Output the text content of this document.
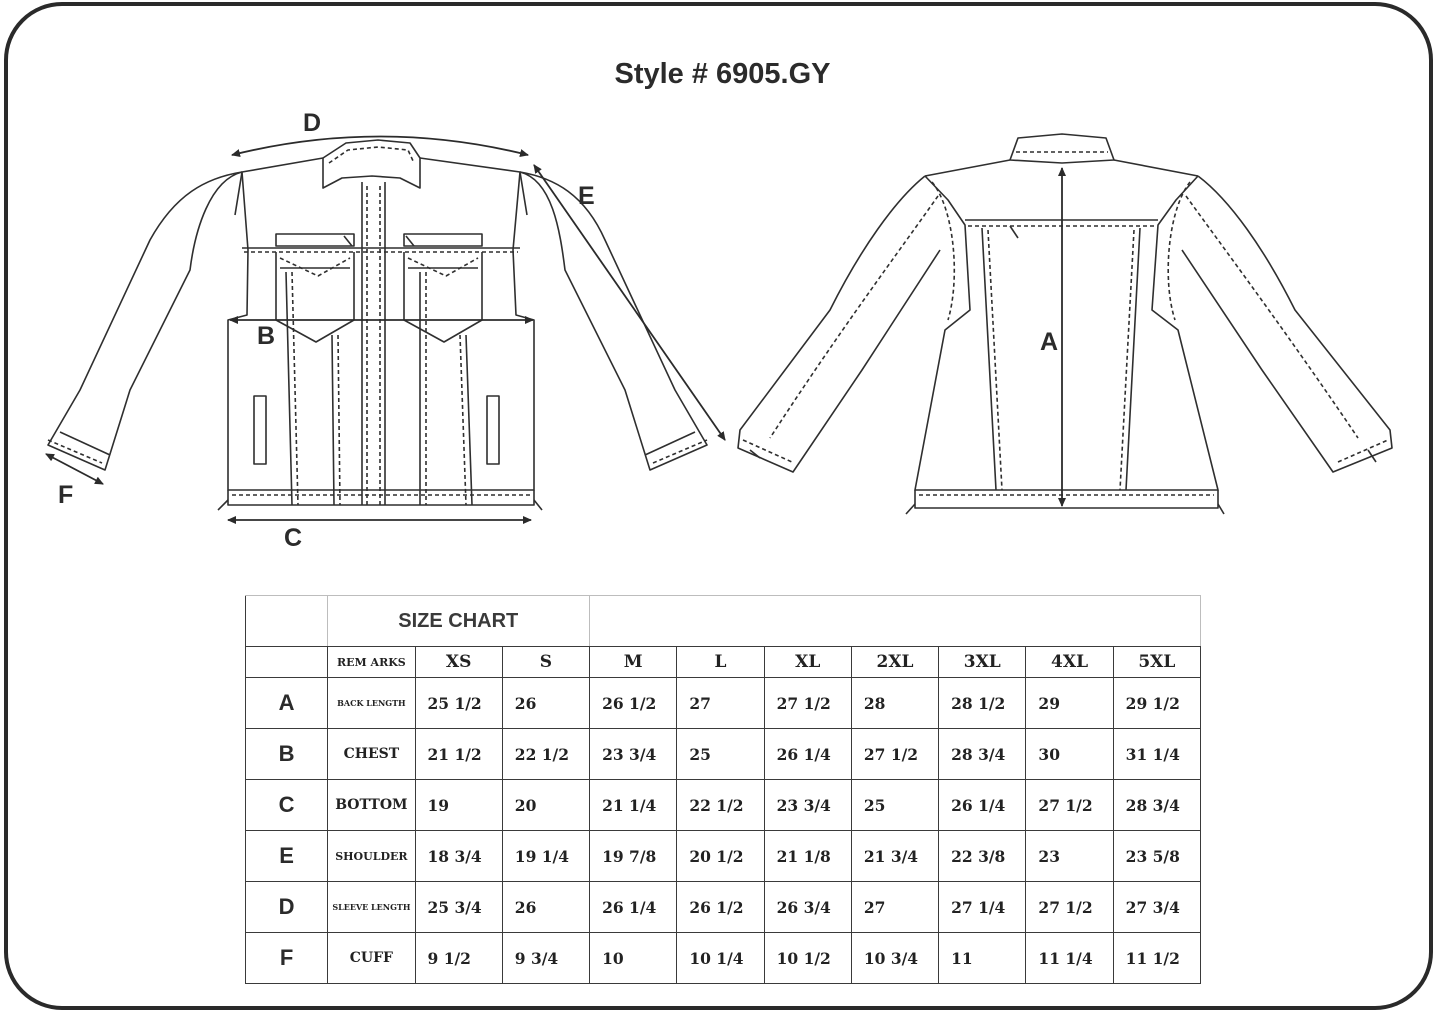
Style # 6905.GY
D
E
B
C
F
A
	SIZE CHART									
	REM ARKS	XS	S	M	L	XL	2XL	3XL	4XL	5XL
A	BACK LENGTH	25 1/2	26	26 1/2	27	27 1/2	28	28 1/2	29	29 1/2
B	CHEST	21 1/2	22 1/2	23 3/4	25	26 1/4	27 1/2	28 3/4	30	31 1/4
C	BOTTOM	19	20	21 1/4	22 1/2	23 3/4	25	26 1/4	27 1/2	28 3/4
E	SHOULDER	18 3/4	19 1/4	19 7/8	20 1/2	21 1/8	21 3/4	22 3/8	23	23 5/8
D	SLEEVE LENGTH	25 3/4	26	26 1/4	26 1/2	26 3/4	27	27 1/4	27 1/2	27 3/4
F	CUFF	9 1/2	9 3/4	10	10 1/4	10 1/2	10 3/4	11	11 1/4	11 1/2
